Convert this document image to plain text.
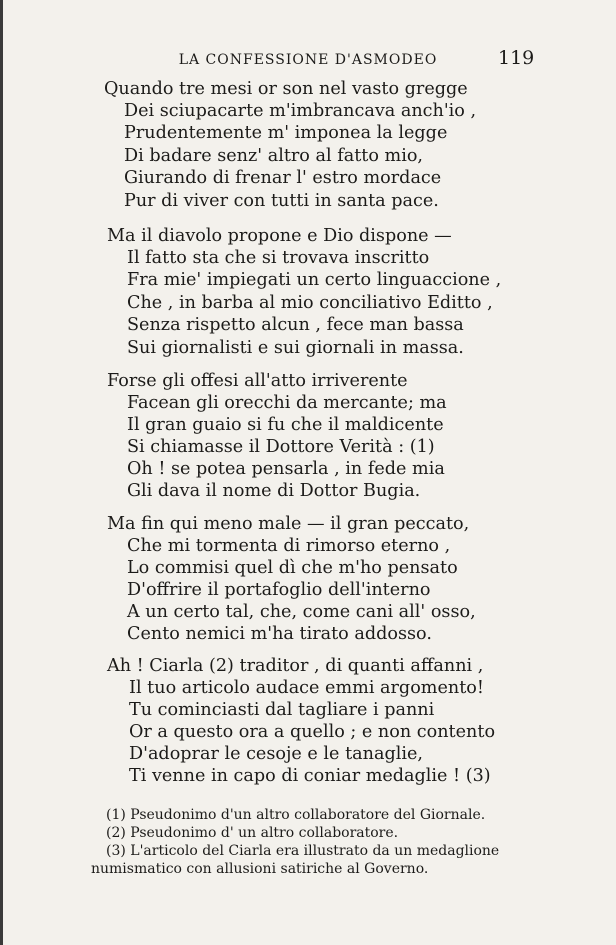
LA CONFESSIONE D'ASMODEO	119
Quando tre mesi or son nel vasto gregge
Dei sciupacarte m'imbrancava anch'io ,
Prudentemente m' imponea la legge
Di badare senz' altro al fatto mio,
Giurando di frenar l' estro mordace
Pur di viver con tutti in santa pace.
Ma il diavolo propone e Dio dispone —
Il fatto sta che si trovava inscritto
Fra mie' impiegati un certo linguaccione ,
Che , in barba al mio conciliativo Editto ,
Senza rispetto alcun , fece man bassa
Sui giornalisti e sui giornali in massa.
Forse gli offesi all'atto irriverente
Facean gli orecchi da mercante; ma
Il gran guaio si fu che il maldicente
Si chiamasse il Dottore Verità : (1)
Oh ! se potea pensarla , in fede mia
Gli dava il nome di Dottor Bugia.
Ma fin qui meno male — il gran peccato,
Che mi tormenta di rimorso eterno ,
Lo commisi quel dì che m'ho pensato
D'offrire il portafoglio dell'interno
A un certo tal, che, come cani all' osso,
Cento nemici m'ha tirato addosso.
Ah ! Ciarla (2) traditor , di quanti affanni ,
Il tuo articolo audace emmi argomento!
Tu cominciasti dal tagliare i panni
Or a questo ora a quello ; e non contento
D'adoprar le cesoje e le tanaglie,
Ti venne in capo di coniar medaglie ! (3)
(1) Pseudonimo d'un altro collaboratore del Giornale.
(2) Pseudonimo d' un altro collaboratore.
(3) L'articolo del Ciarla era illustrato da un medaglione
numismatico con allusioni satiriche al Governo.
